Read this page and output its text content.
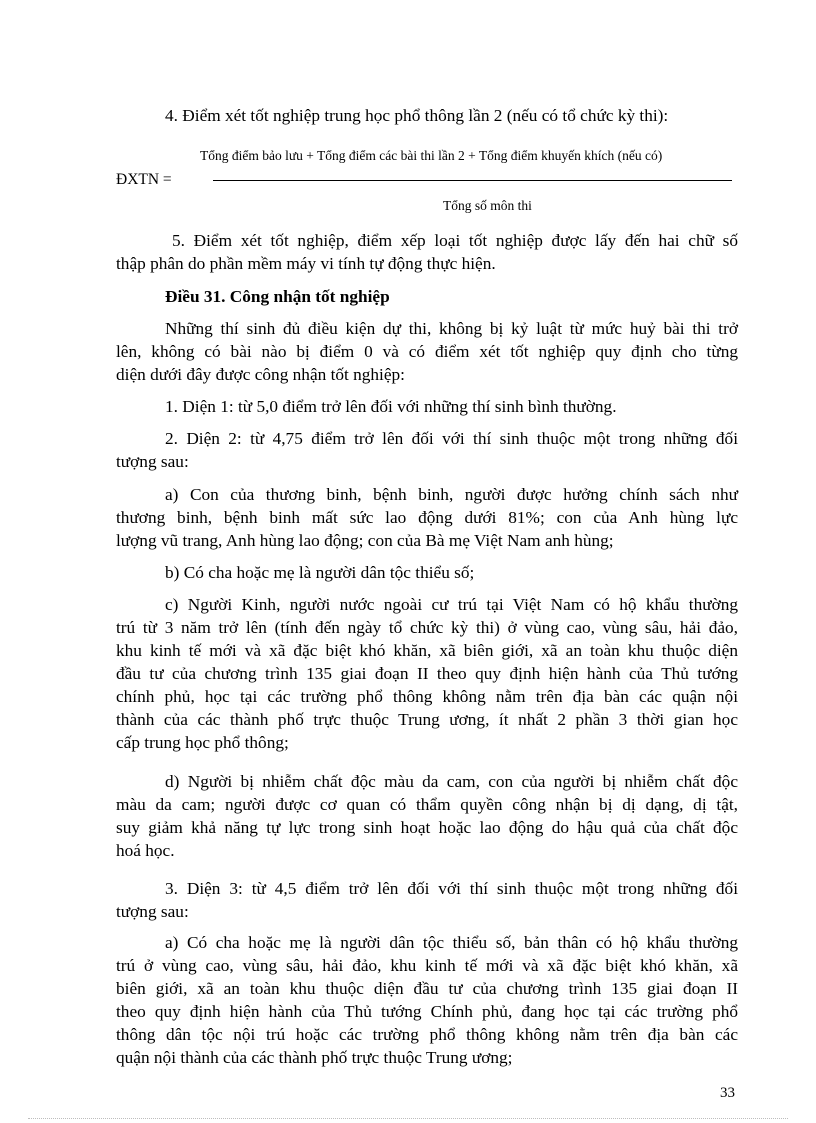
4. Điểm xét tốt nghiệp trung học phổ thông lần 2 (nếu có tổ chức kỳ thi):
Tổng điểm bảo lưu + Tổng điểm các bài thi lần 2 + Tổng điểm khuyến khích (nếu có)
ĐXTN =
Tổng số môn thi
5. Điểm xét tốt nghiệp, điểm xếp loại tốt nghiệp được lấy đến hai chữ số
thập phân do phần mềm máy vi tính tự động thực hiện.
Điều 31. Công nhận tốt nghiệp
Những thí sinh đủ điều kiện dự thi, không bị kỷ luật từ mức huỷ bài thi trở
lên, không có bài nào bị điểm 0 và có điểm xét tốt nghiệp quy định cho từng
diện dưới đây được công nhận tốt nghiệp:
1. Diện 1: từ 5,0 điểm trở lên đối với những thí sinh bình thường.
2. Diện 2: từ 4,75 điểm trở lên đối với thí sinh thuộc một trong những đối
tượng sau:
a) Con của thương binh, bệnh binh, người được hưởng chính sách như
thương binh, bệnh binh mất sức lao động dưới 81%; con của Anh hùng lực
lượng vũ trang, Anh hùng lao động; con của Bà mẹ Việt Nam anh hùng;
b) Có cha hoặc mẹ là người dân tộc thiểu số;
c) Người Kinh, người nước ngoài cư trú tại Việt Nam có hộ khẩu thường
trú từ 3 năm trở lên (tính đến ngày tổ chức kỳ thi) ở vùng cao, vùng sâu, hải đảo,
khu kinh tế mới và xã đặc biệt khó khăn, xã biên giới, xã an toàn khu thuộc diện
đầu tư của chương trình 135 giai đoạn II theo quy định hiện hành của Thủ tướng
chính phủ, học tại các trường phổ thông không nằm trên địa bàn các quận nội
thành của các thành phố trực thuộc Trung ương, ít nhất 2 phần 3 thời gian học
cấp trung học phổ thông;
d) Người bị nhiễm chất độc màu da cam, con của người bị nhiễm chất độc
màu da cam; người được cơ quan có thẩm quyền công nhận bị dị dạng, dị tật,
suy giảm khả năng tự lực trong sinh hoạt hoặc lao động do hậu quả của chất độc
hoá học.
3. Diện 3: từ 4,5 điểm trở lên đối với thí sinh thuộc một trong những đối
tượng sau:
a) Có cha hoặc mẹ là người dân tộc thiểu số, bản thân có hộ khẩu thường
trú ở vùng cao, vùng sâu, hải đảo, khu kinh tế mới và xã đặc biệt khó khăn, xã
biên giới, xã an toàn khu thuộc diện đầu tư của chương trình 135 giai đoạn II
theo quy định hiện hành của Thủ tướng Chính phủ, đang học tại các trường phổ
thông dân tộc nội trú hoặc các trường phổ thông không nằm trên địa bàn các
quận nội thành của các thành phố trực thuộc Trung ương;
33
